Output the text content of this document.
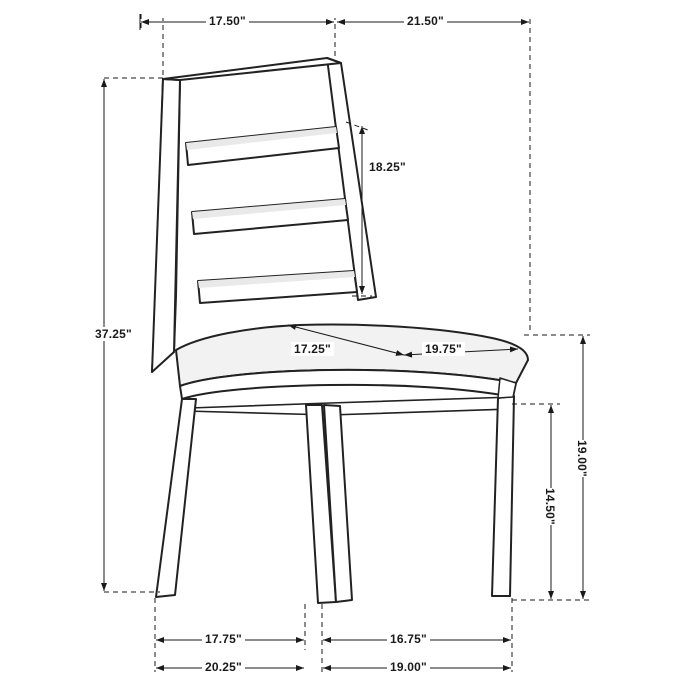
17.50"	21.50"
18.25"
37.25"
17.25"	19.75"
19.00"
14.50"
17.75"	16.75"
20.25"	19.00"
